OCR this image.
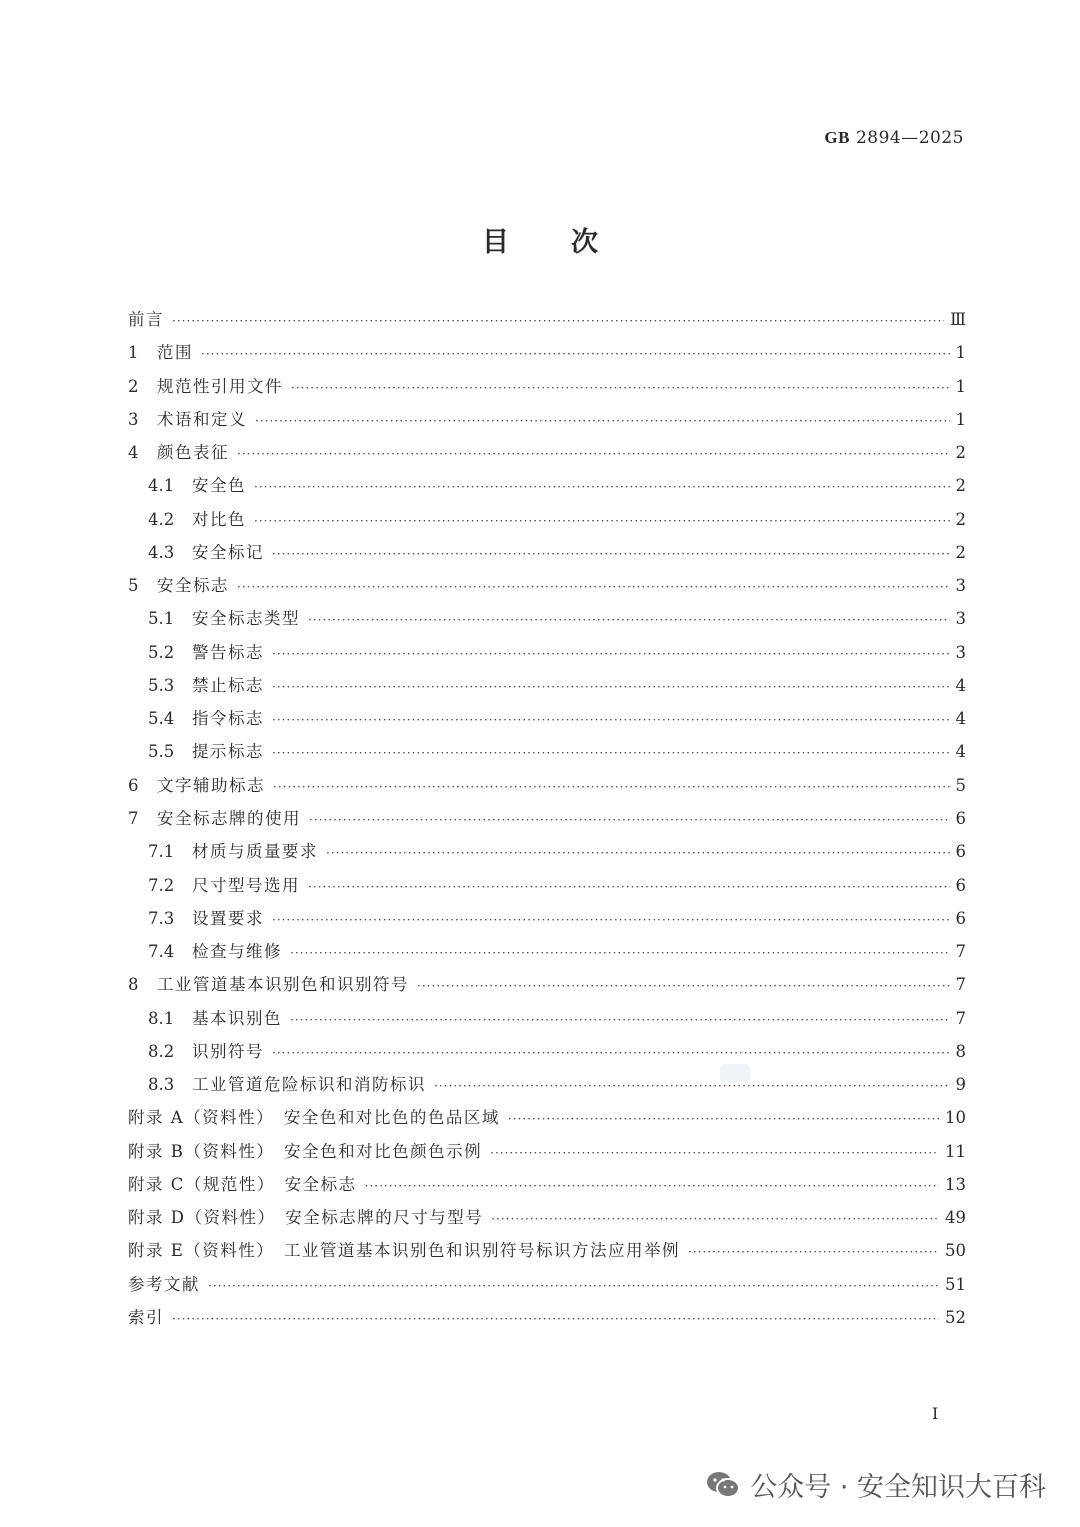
GB 2894—2025
目次
前言 ·····	Ⅲ
1	范围 ·····	1
2	规范性引用文件 ·····	1
3	术语和定义 ·····	1
4	颜色表征 ·····	2
4.1	安全色 ·····	2
4.2	对比色 ·····	2
4.3	安全标记 ·····	2
5	安全标志 ·····	3
5.1	安全标志类型 ·····	3
5.2	警告标志 ·····	3
5.3	禁止标志 ·····	4
5.4	指令标志 ·····	4
5.5	提示标志 ·····	4
6	文字辅助标志 ·····	5
7	安全标志牌的使用 ·····	6
7.1	材质与质量要求 ·····	6
7.2	尺寸型号选用 ·····	6
7.3	设置要求 ·····	6
7.4	检查与维修 ·····	7
8	工业管道基本识别色和识别符号 ·····	7
8.1	基本识别色 ·····	7
8.2	识别符号 ·····	8
8.3	工业管道危险标识和消防标识 ·····	9
附录 A（资料性）　安全色和对比色的色品区域 ·····	10
附录 B（资料性）　安全色和对比色颜色示例 ·····	11
附录 C（规范性）　安全标志 ·····	13
附录 D（资料性）　安全标志牌的尺寸与型号 ·····	49
附录 E（资料性）　工业管道基本识别色和识别符号标识方法应用举例 ·····	50
参考文献 ·····	51
索引 ·····	52
I
公众号 · 安全知识大百科
